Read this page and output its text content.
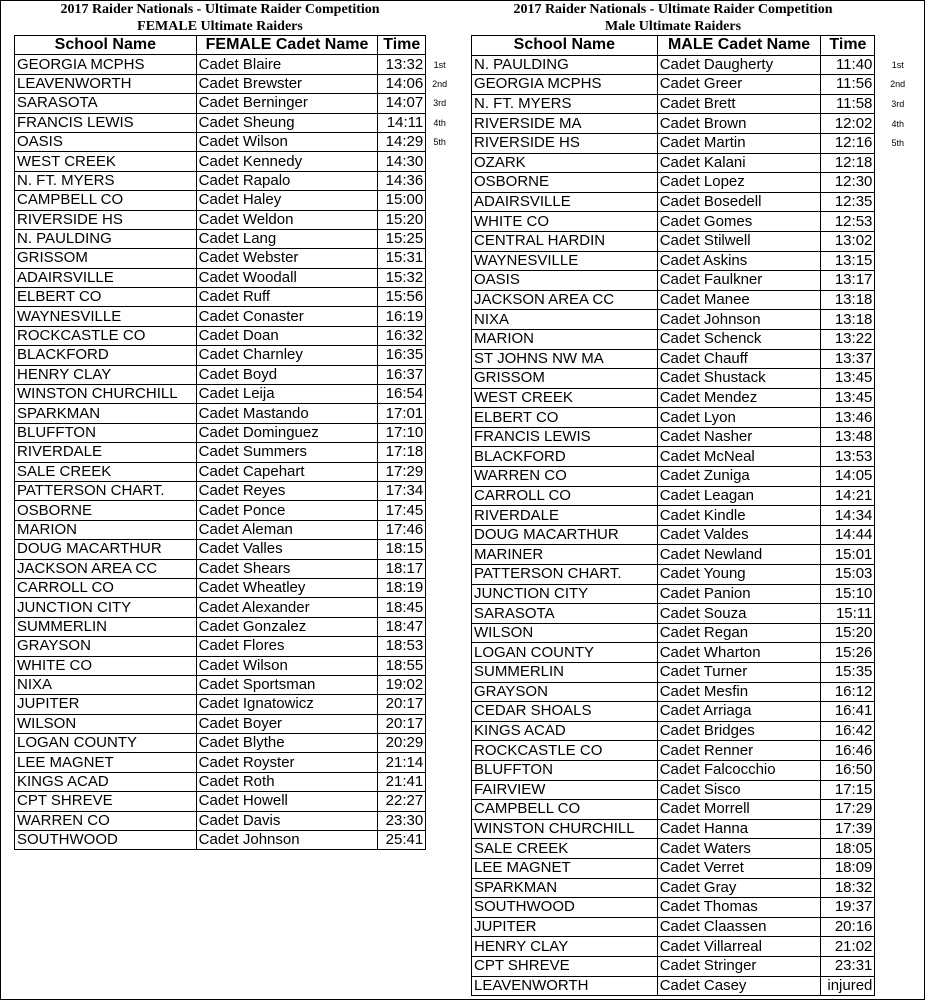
2017 Raider Nationals - Ultimate Raider Competition
FEMALE Ultimate Raiders
School Name	FEMALE Cadet Name	Time	
GEORGIA MCPHS	Cadet Blaire	13:32	1st
LEAVENWORTH	Cadet Brewster	14:06	2nd
SARASOTA	Cadet Berninger	14:07	3rd
FRANCIS LEWIS	Cadet Sheung	14:11	4th
OASIS	Cadet Wilson	14:29	5th
WEST CREEK	Cadet Kennedy	14:30	
N. FT. MYERS	Cadet Rapalo	14:36	
CAMPBELL CO	Cadet Haley	15:00	
RIVERSIDE HS	Cadet Weldon	15:20	
N. PAULDING	Cadet Lang	15:25	
GRISSOM	Cadet Webster	15:31	
ADAIRSVILLE	Cadet Woodall	15:32	
ELBERT CO	Cadet Ruff	15:56	
WAYNESVILLE	Cadet Conaster	16:19	
ROCKCASTLE CO	Cadet Doan	16:32	
BLACKFORD	Cadet Charnley	16:35	
HENRY CLAY	Cadet Boyd	16:37	
WINSTON CHURCHILL	Cadet Leija	16:54	
SPARKMAN	Cadet Mastando	17:01	
BLUFFTON	Cadet Dominguez	17:10	
RIVERDALE	Cadet Summers	17:18	
SALE CREEK	Cadet Capehart	17:29	
PATTERSON CHART.	Cadet Reyes	17:34	
OSBORNE	Cadet Ponce	17:45	
MARION	Cadet Aleman	17:46	
DOUG MACARTHUR	Cadet Valles	18:15	
JACKSON AREA CC	Cadet Shears	18:17	
CARROLL CO	Cadet Wheatley	18:19	
JUNCTION CITY	Cadet Alexander	18:45	
SUMMERLIN	Cadet Gonzalez	18:47	
GRAYSON	Cadet Flores	18:53	
WHITE CO	Cadet Wilson	18:55	
NIXA	Cadet Sportsman	19:02	
JUPITER	Cadet Ignatowicz	20:17	
WILSON	Cadet Boyer	20:17	
LOGAN COUNTY	Cadet Blythe	20:29	
LEE MAGNET	Cadet Royster	21:14	
KINGS ACAD	Cadet Roth	21:41	
CPT SHREVE	Cadet Howell	22:27	
WARREN CO	Cadet Davis	23:30	
SOUTHWOOD	Cadet Johnson	25:41	
2017 Raider Nationals - Ultimate Raider Competition
Male Ultimate Raiders
School Name	MALE Cadet Name	Time	
N. PAULDING	Cadet Daugherty	11:40	1st
GEORGIA MCPHS	Cadet Greer	11:56	2nd
N. FT. MYERS	Cadet Brett	11:58	3rd
RIVERSIDE MA	Cadet Brown	12:02	4th
RIVERSIDE HS	Cadet Martin	12:16	5th
OZARK	Cadet Kalani	12:18	
OSBORNE	Cadet Lopez	12:30	
ADAIRSVILLE	Cadet Bosedell	12:35	
WHITE CO	Cadet Gomes	12:53	
CENTRAL HARDIN	Cadet Stilwell	13:02	
WAYNESVILLE	Cadet Askins	13:15	
OASIS	Cadet Faulkner	13:17	
JACKSON AREA CC	Cadet Manee	13:18	
NIXA	Cadet Johnson	13:18	
MARION	Cadet Schenck	13:22	
ST JOHNS NW MA	Cadet Chauff	13:37	
GRISSOM	Cadet Shustack	13:45	
WEST CREEK	Cadet Mendez	13:45	
ELBERT CO	Cadet Lyon	13:46	
FRANCIS LEWIS	Cadet Nasher	13:48	
BLACKFORD	Cadet McNeal	13:53	
WARREN CO	Cadet Zuniga	14:05	
CARROLL CO	Cadet Leagan	14:21	
RIVERDALE	Cadet Kindle	14:34	
DOUG MACARTHUR	Cadet Valdes	14:44	
MARINER	Cadet Newland	15:01	
PATTERSON CHART.	Cadet Young	15:03	
JUNCTION CITY	Cadet Panion	15:10	
SARASOTA	Cadet Souza	15:11	
WILSON	Cadet Regan	15:20	
LOGAN COUNTY	Cadet Wharton	15:26	
SUMMERLIN	Cadet Turner	15:35	
GRAYSON	Cadet Mesfin	16:12	
CEDAR SHOALS	Cadet Arriaga	16:41	
KINGS ACAD	Cadet Bridges	16:42	
ROCKCASTLE CO	Cadet Renner	16:46	
BLUFFTON	Cadet Falcocchio	16:50	
FAIRVIEW	Cadet Sisco	17:15	
CAMPBELL CO	Cadet Morrell	17:29	
WINSTON CHURCHILL	Cadet Hanna	17:39	
SALE CREEK	Cadet Waters	18:05	
LEE MAGNET	Cadet Verret	18:09	
SPARKMAN	Cadet Gray	18:32	
SOUTHWOOD	Cadet Thomas	19:37	
JUPITER	Cadet Claassen	20:16	
HENRY CLAY	Cadet Villarreal	21:02	
CPT SHREVE	Cadet Stringer	23:31	
LEAVENWORTH	Cadet Casey	injured	
